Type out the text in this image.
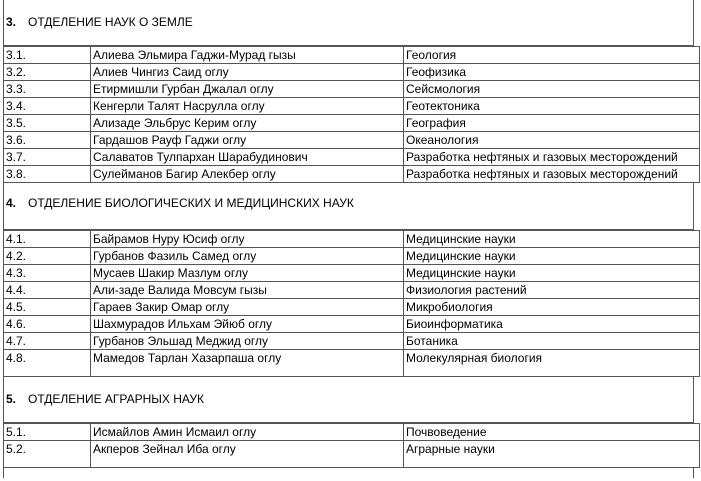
3. ОТДЕЛЕНИЕ НАУК О ЗЕМЛЕ
3.1.	Алиева Эльмира Гаджи-Мурад гызы	Геология
3.2.	Алиев Чингиз Саид оглу	Геофизика
3.3.	Етирмишли Гурбан Джалал оглу	Сейсмология
3.4.	Кенгерли Талят Насрулла оглу	Геотектоника
3.5.	Ализаде Эльбрус Керим оглу	География
3.6.	Гардашов Рауф Гаджи оглу	Океанология
3.7.	Салаватов Тулпархан Шарабудинович	Разработка нефтяных и газовых месторождений
3.8.	Сулейманов Багир Алекбер оглу	Разработка нефтяных и газовых месторождений
4. ОТДЕЛЕНИЕ БИОЛОГИЧЕСКИХ И МЕДИЦИНСКИХ НАУК
4.1.	Байрамов Нуру Юсиф оглу	Медицинские науки
4.2.	Гурбанов Фазиль Самед оглу	Медицинские науки
4.3.	Мусаев Шакир Мазлум оглу	Медицинские науки
4.4.	Али-заде Валида Мовсум гызы	Физиология растений
4.5.	Гараев Закир Омар оглу	Микробиология
4.6.	Шахмурадов Ильхам Эйюб оглу	Биоинформатика
4.7.	Гурбанов Эльшад Меджид оглу	Ботаника
4.8.	Мамедов Тарлан Хазарпаша оглу	Молекулярная биология
5. ОТДЕЛЕНИЕ АГРАРНЫХ НАУК
5.1.	Исмайлов Амин Исмаил оглу	Почвоведение
5.2.	Акперов Зейнал Иба оглу	Аграрные науки
